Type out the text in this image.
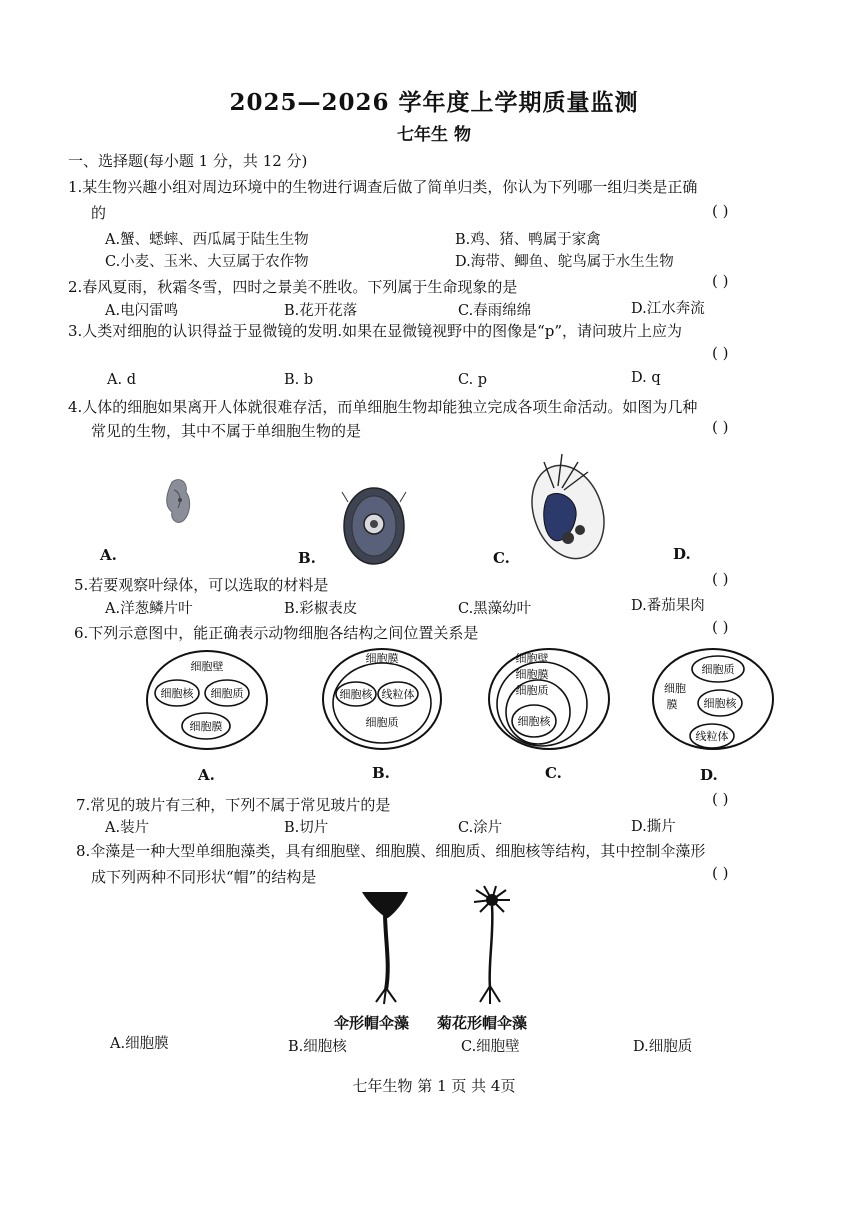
2025—2026 学年度上学期质量监测
七年生 物
一、选择题(每小题 1 分，共 12 分)
1.某生物兴趣小组对周边环境中的生物进行调查后做了简单归类，你认为下列哪一组归类是正确
的	( )
A.蟹、蟋蟀、西瓜属于陆生生物	B.鸡、猪、鸭属于家禽
C.小麦、玉米、大豆属于农作物	D.海带、鲫鱼、鸵鸟属于水生生物
2.春风夏雨，秋霜冬雪，四时之景美不胜收。下列属于生命现象的是	( )
A.电闪雷鸣	B.花开花落	C.春雨绵绵	D.江水奔流
3.人类对细胞的认识得益于显微镜的发明.如果在显微镜视野中的图像是“p”，请问玻片上应为
( )
A. d	B. b	C. p	D. q
4.人体的细胞如果离开人体就很难存活，而单细胞生物却能独立完成各项生命活动。如图为几种
常见的生物，其中不属于单细胞生物的是	( )
A.	B.	C.	D.
5.若要观察叶绿体，可以选取的材料是	( )
A.洋葱鳞片叶	B.彩椒表皮	C.黑藻幼叶	D.番茄果肉
6.下列示意图中，能正确表示动物细胞各结构之间位置关系是	( )
细胞壁
细胞核 细胞质
细胞膜
细胞膜
细胞核 线粒体
细胞质
细胞壁
细胞膜
细胞质
细胞核
细胞
膜
细胞质
细胞核
线粒体
A.	B.	C.	D.
7.常见的玻片有三种，下列不属于常见玻片的是	( )
A.装片	B.切片	C.涂片	D.撕片
8.伞藻是一种大型单细胞藻类，具有细胞壁、细胞膜、细胞质、细胞核等结构，其中控制伞藻形
成下列两种不同形状“帽”的结构是	( )
伞形帽伞藻 菊花形帽伞藻
A.细胞膜	B.细胞核	C.细胞壁	D.细胞质
七年生物 第 1 页 共 4页
